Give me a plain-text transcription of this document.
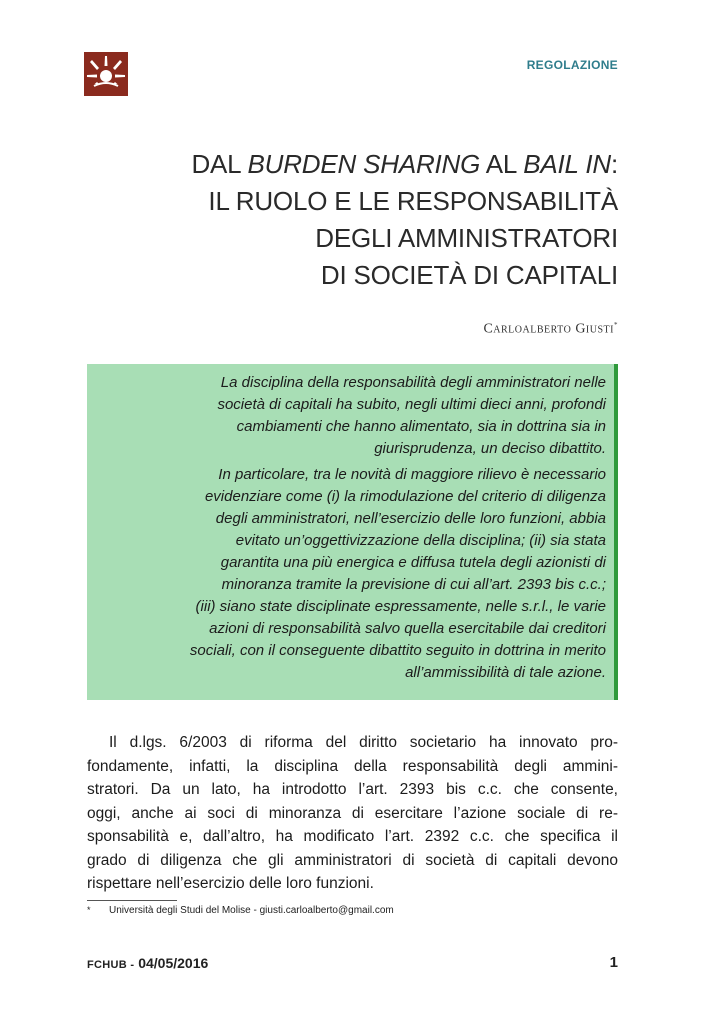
REGOLAZIONE
DAL BURDEN SHARING AL BAIL IN:
IL RUOLO E LE RESPONSABILITÀ
DEGLI AMMINISTRATORI
DI SOCIETÀ DI CAPITALI
Carloalberto Giusti*

La disciplina della responsabilità degli amministratori nelle
società di capitali ha subito, negli ultimi dieci anni, profondi
cambiamenti che hanno alimentato, sia in dottrina sia in
giurisprudenza, un deciso dibattito.

In particolare, tra le novità di maggiore rilievo è necessario
evidenziare come (i) la rimodulazione del criterio di diligenza
degli amministratori, nell’esercizio delle loro funzioni, abbia
evitato un’oggettivizzazione della disciplina; (ii) sia stata
garantita una più energica e diffusa tutela degli azionisti di
minoranza tramite la previsione di cui all’art. 2393 bis c.c.;
(iii) siano state disciplinate espressamente, nelle s.r.l., le varie
azioni di responsabilità salvo quella esercitabile dai creditori
sociali, con il conseguente dibattito seguito in dottrina in merito
all’ammissibilità di tale azione.

Il d.lgs. 6/2003 di riforma del diritto societario ha innovato pro-
fondamente, infatti, la disciplina della responsabilità degli ammini-
stratori. Da un lato, ha introdotto l’art. 2393 bis c.c. che consente,
oggi, anche ai soci di minoranza di esercitare l’azione sociale di re-
sponsabilità e, dall’altro, ha modificato l’art. 2392 c.c. che specifica il
grado di diligenza che gli amministratori di società di capitali devono
rispettare nell’esercizio delle loro funzioni.
* Università degli Studi del Molise - giusti.carloalberto@gmail.com
FCHUB - 04/05/2016	1
